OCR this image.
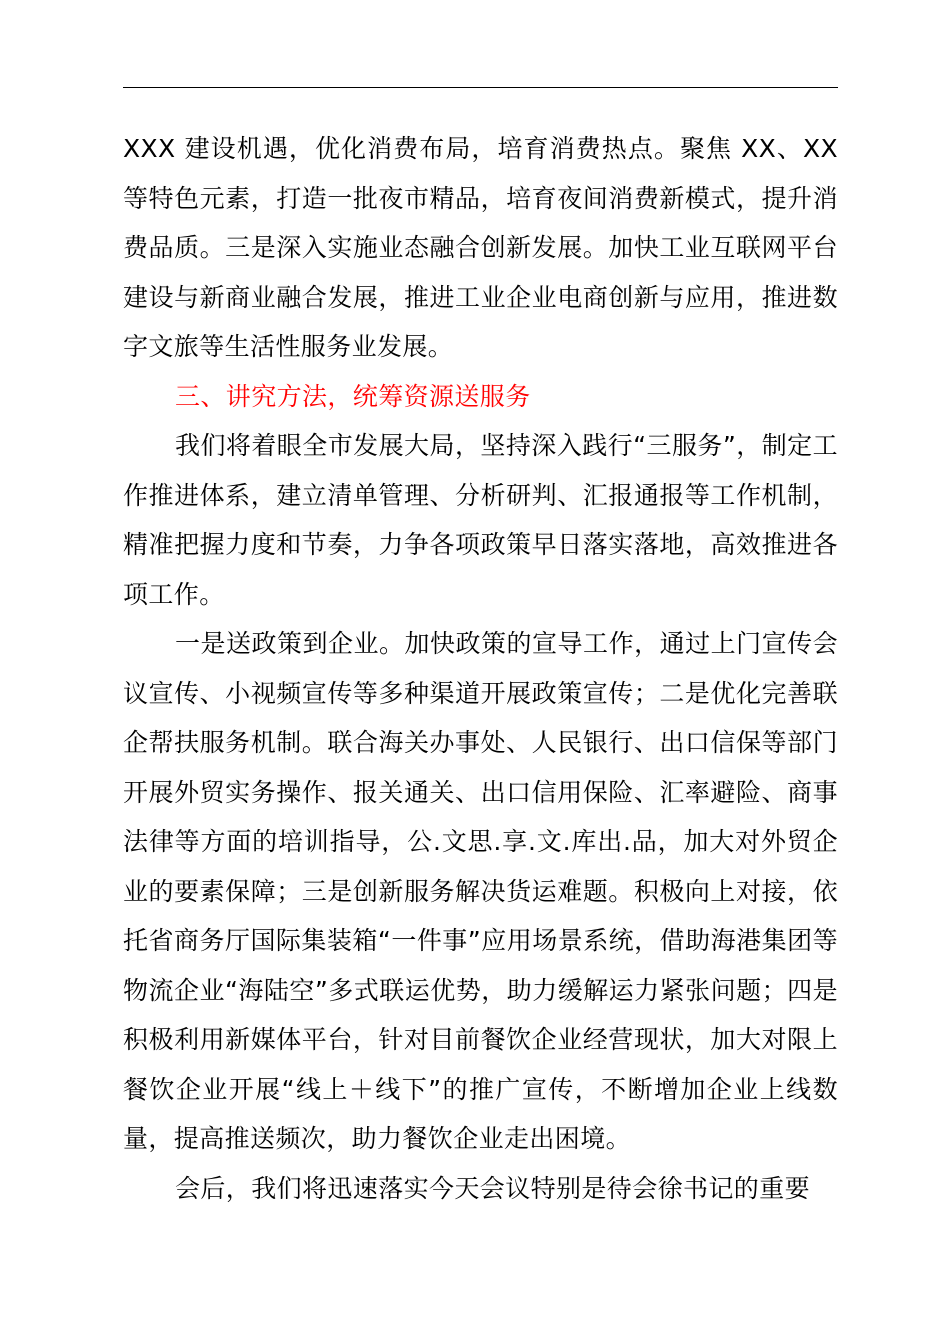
XXX 建设机遇，优化消费布局，培育消费热点。聚焦 XX、XX 等特色元素，打造一批夜市精品，培育夜间消费新模式，提升消费品质。三是深入实施业态融合创新发展。加快工业互联网平台建设与新商业融合发展，推进工业企业电商创新与应用，推进数字文旅等生活性服务业发展。

三、讲究方法，统筹资源送服务

我们将着眼全市发展大局，坚持深入践行“三服务”，制定工作推进体系，建立清单管理、分析研判、汇报通报等工作机制，精准把握力度和节奏，力争各项政策早日落实落地，高效推进各项工作。

一是送政策到企业。加快政策的宣导工作，通过上门宣传会议宣传、小视频宣传等多种渠道开展政策宣传；二是优化完善联企帮扶服务机制。联合海关办事处、人民银行、出口信保等部门开展外贸实务操作、报关通关、出口信用保险、汇率避险、商事法律等方面的培训指导，公.文思.享.文.库出.品，加大对外贸企业的要素保障；三是创新服务解决货运难题。积极向上对接，依托省商务厅国际集装箱“一件事”应用场景系统，借助海港集团等物流企业“海陆空”多式联运优势，助力缓解运力紧张问题；四是积极利用新媒体平台，针对目前餐饮企业经营现状，加大对限上餐饮企业开展“线上＋线下”的推广宣传，不断增加企业上线数量，提高推送频次，助力餐饮企业走出困境。

会后，我们将迅速落实今天会议特别是待会徐书记的重要
